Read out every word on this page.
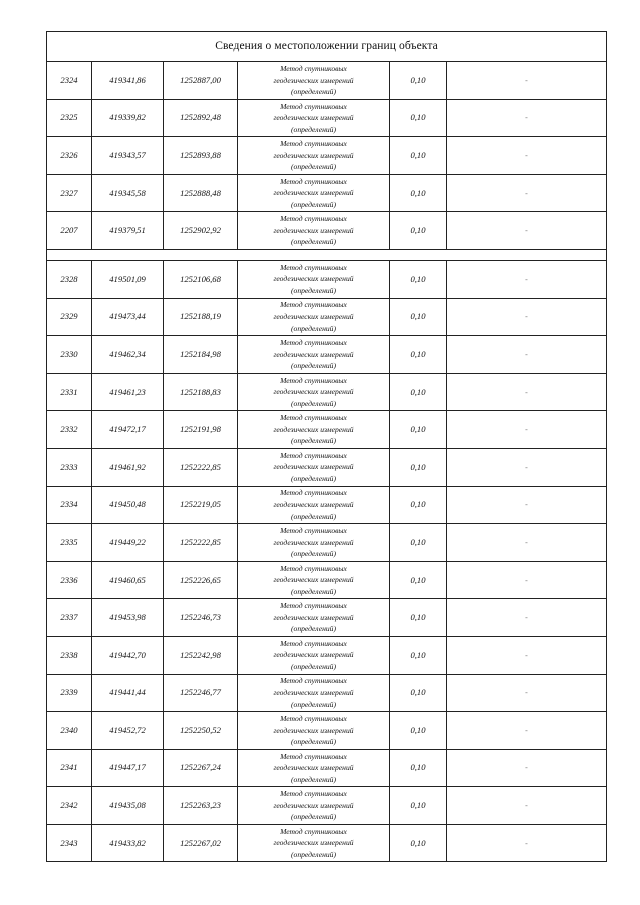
Сведения о местоположении границ объекта					
2324	419341,86	1252887,00	Метод спутниковых
геодезических измерений
(определений)	0,10	-
2325	419339,82	1252892,48	Метод спутниковых
геодезических измерений
(определений)	0,10	-
2326	419343,57	1252893,88	Метод спутниковых
геодезических измерений
(определений)	0,10	-
2327	419345,58	1252888,48	Метод спутниковых
геодезических измерений
(определений)	0,10	-
2207	419379,51	1252902,92	Метод спутниковых
геодезических измерений
(определений)	0,10	-

2328	419501,09	1252106,68	Метод спутниковых
геодезических измерений
(определений)	0,10	-
2329	419473,44	1252188,19	Метод спутниковых
геодезических измерений
(определений)	0,10	-
2330	419462,34	1252184,98	Метод спутниковых
геодезических измерений
(определений)	0,10	-
2331	419461,23	1252188,83	Метод спутниковых
геодезических измерений
(определений)	0,10	-
2332	419472,17	1252191,98	Метод спутниковых
геодезических измерений
(определений)	0,10	-
2333	419461,92	1252222,85	Метод спутниковых
геодезических измерений
(определений)	0,10	-
2334	419450,48	1252219,05	Метод спутниковых
геодезических измерений
(определений)	0,10	-
2335	419449,22	1252222,85	Метод спутниковых
геодезических измерений
(определений)	0,10	-
2336	419460,65	1252226,65	Метод спутниковых
геодезических измерений
(определений)	0,10	-
2337	419453,98	1252246,73	Метод спутниковых
геодезических измерений
(определений)	0,10	-
2338	419442,70	1252242,98	Метод спутниковых
геодезических измерений
(определений)	0,10	-
2339	419441,44	1252246,77	Метод спутниковых
геодезических измерений
(определений)	0,10	-
2340	419452,72	1252250,52	Метод спутниковых
геодезических измерений
(определений)	0,10	-
2341	419447,17	1252267,24	Метод спутниковых
геодезических измерений
(определений)	0,10	-
2342	419435,08	1252263,23	Метод спутниковых
геодезических измерений
(определений)	0,10	-
2343	419433,82	1252267,02	Метод спутниковых
геодезических измерений
(определений)	0,10	-
